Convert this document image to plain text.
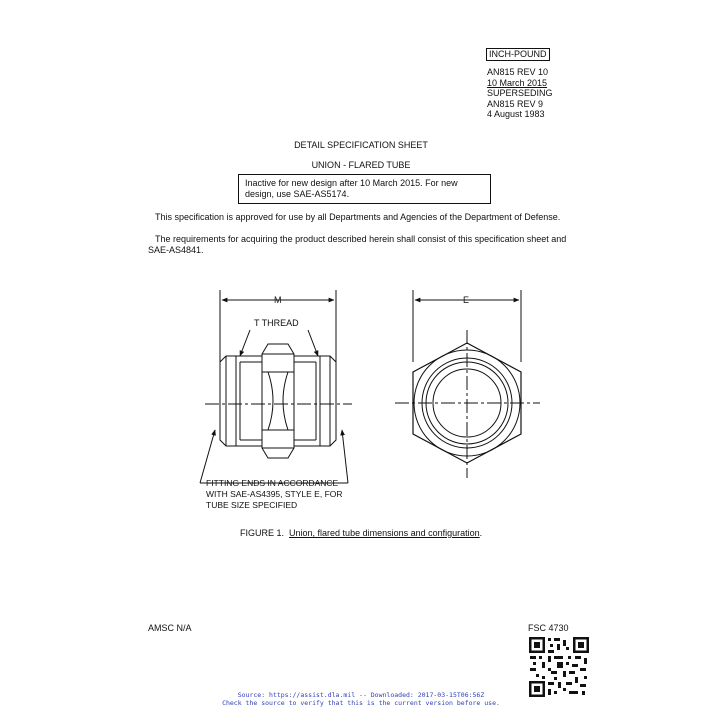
INCH-POUND
AN815 REV 10
10 March 2015
SUPERSEDING
AN815 REV 9
4 August 1983
DETAIL SPECIFICATION SHEET
UNION - FLARED TUBE
Inactive for new design after 10 March 2015. For new design, use SAE-AS5174.
This specification is approved for use by all Departments and Agencies of the Department of Defense.
The requirements for acquiring the product described herein shall consist of this specification sheet and SAE-AS4841.
M	E
T THREAD
FITTING ENDS IN ACCORDANCE
WITH SAE-AS4395, STYLE E, FOR
TUBE SIZE SPECIFIED
FIGURE 1. Union, flared tube dimensions and configuration.
AMSC N/A	FSC 4730
Source: https://assist.dla.mil -- Downloaded: 2017-03-15T06:56Z
Check the source to verify that this is the current version before use.
